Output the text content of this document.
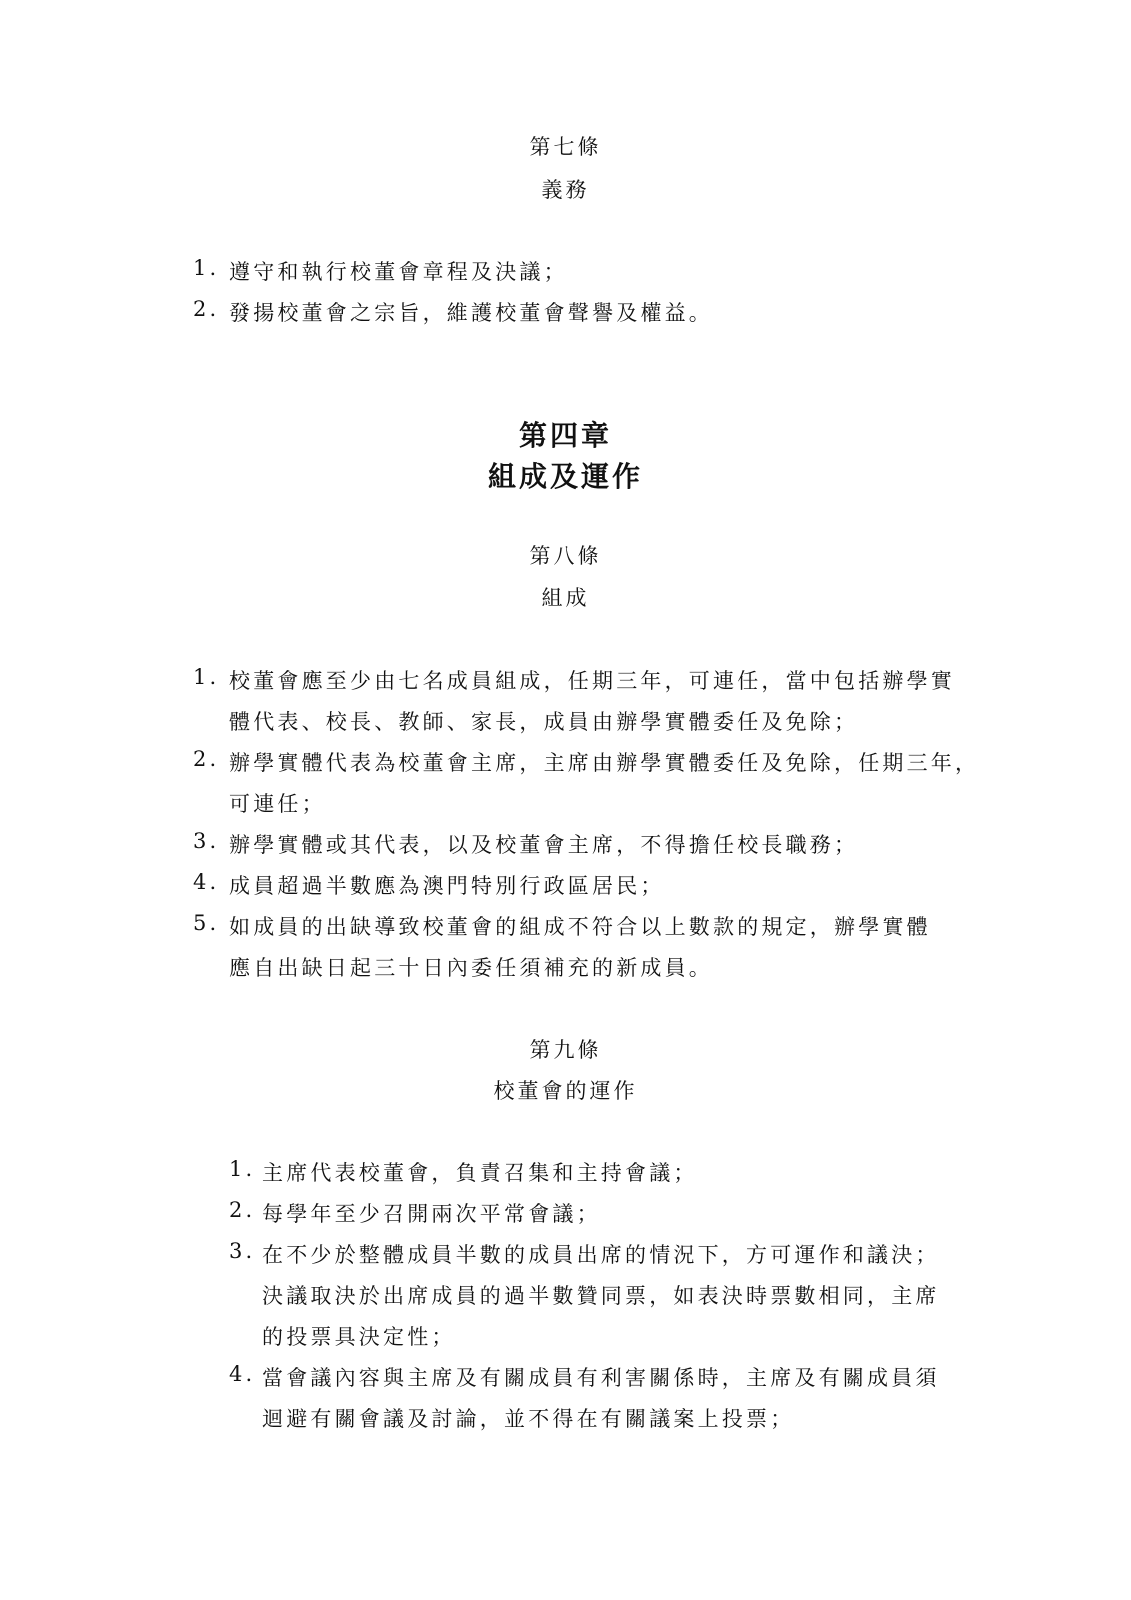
第七條
義務
1. 遵守和執行校董會章程及決議；
2. 發揚校董會之宗旨，維護校董會聲譽及權益。
第四章
組成及運作
第八條
組成
1. 校董會應至少由七名成員組成，任期三年，可連任，當中包括辦學實
體代表、校長、教師、家長，成員由辦學實體委任及免除；
2. 辦學實體代表為校董會主席，主席由辦學實體委任及免除，任期三年，
可連任；
3. 辦學實體或其代表，以及校董會主席，不得擔任校長職務；
4. 成員超過半數應為澳門特別行政區居民；
5. 如成員的出缺導致校董會的組成不符合以上數款的規定，辦學實體
應自出缺日起三十日內委任須補充的新成員。
第九條
校董會的運作
1. 主席代表校董會，負責召集和主持會議；
2. 每學年至少召開兩次平常會議；
3. 在不少於整體成員半數的成員出席的情況下，方可運作和議決；
決議取決於出席成員的過半數贊同票，如表決時票數相同，主席
的投票具決定性；
4. 當會議內容與主席及有關成員有利害關係時，主席及有關成員須
迴避有關會議及討論，並不得在有關議案上投票；
